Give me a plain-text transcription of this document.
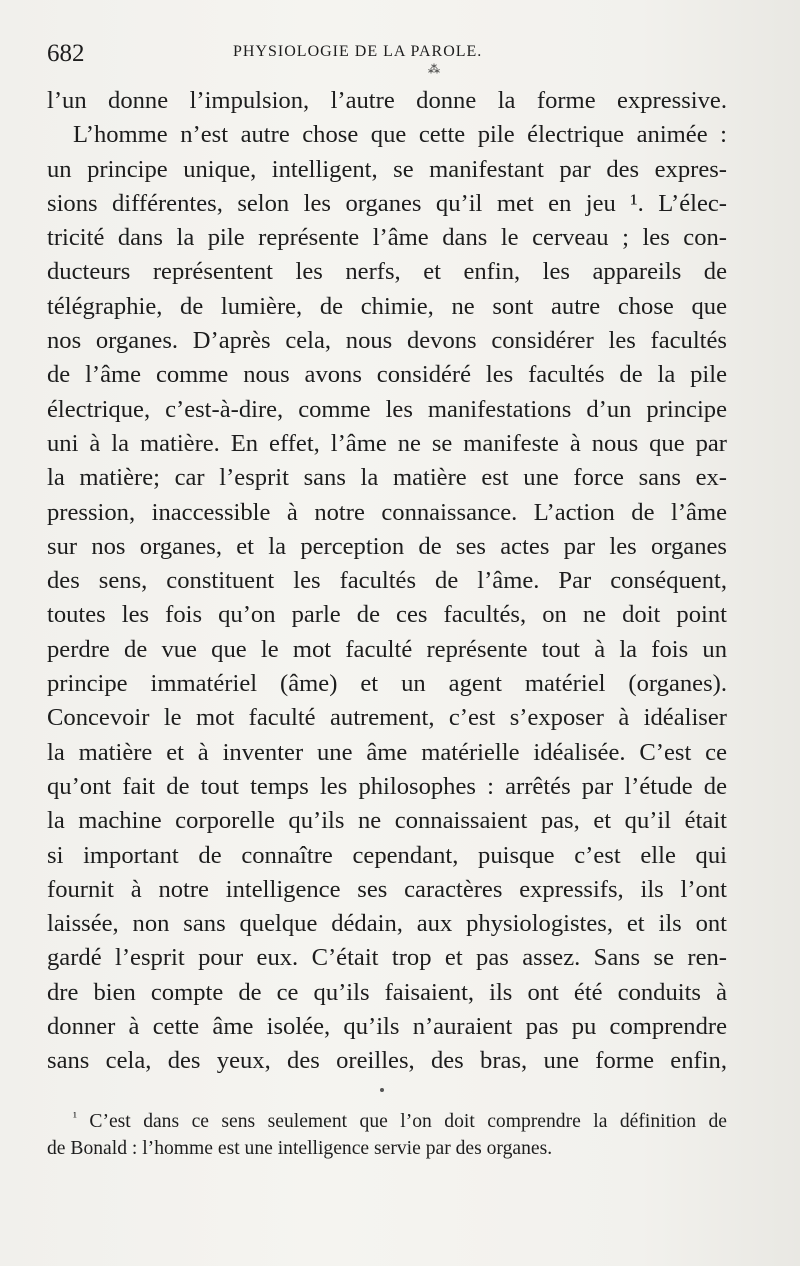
682	PHYSIOLOGIE DE LA PAROLE.
⁂
l’un donne l’impulsion, l’autre donne la forme expressive.
L’homme n’est autre chose que cette pile électrique animée :
un principe unique, intelligent, se manifestant par des expres-
sions différentes, selon les organes qu’il met en jeu ¹. L’élec-
tricité dans la pile représente l’âme dans le cerveau ; les con-
ducteurs représentent les nerfs, et enfin, les appareils de
télégraphie, de lumière, de chimie, ne sont autre chose que
nos organes. D’après cela, nous devons considérer les facultés
de l’âme comme nous avons considéré les facultés de la pile
électrique, c’est-à-dire, comme les manifestations d’un principe
uni à la matière. En effet, l’âme ne se manifeste à nous que par
la matière; car l’esprit sans la matière est une force sans ex-
pression, inaccessible à notre connaissance. L’action de l’âme
sur nos organes, et la perception de ses actes par les organes
des sens, constituent les facultés de l’âme. Par conséquent,
toutes les fois qu’on parle de ces facultés, on ne doit point
perdre de vue que le mot faculté représente tout à la fois un
principe immatériel (âme) et un agent matériel (organes).
Concevoir le mot faculté autrement, c’est s’exposer à idéaliser
la matière et à inventer une âme matérielle idéalisée. C’est ce
qu’ont fait de tout temps les philosophes : arrêtés par l’étude de
la machine corporelle qu’ils ne connaissaient pas, et qu’il était
si important de connaître cependant, puisque c’est elle qui
fournit à notre intelligence ses caractères expressifs, ils l’ont
laissée, non sans quelque dédain, aux physiologistes, et ils ont
gardé l’esprit pour eux. C’était trop et pas assez. Sans se ren-
dre bien compte de ce qu’ils faisaient, ils ont été conduits à
donner à cette âme isolée, qu’ils n’auraient pas pu comprendre
sans cela, des yeux, des oreilles, des bras, une forme enfin,
$^{^1}$ C’est dans ce sens seulement que l’on doit comprendre la définition de
de Bonald : l’homme est une intelligence servie par des organes.
